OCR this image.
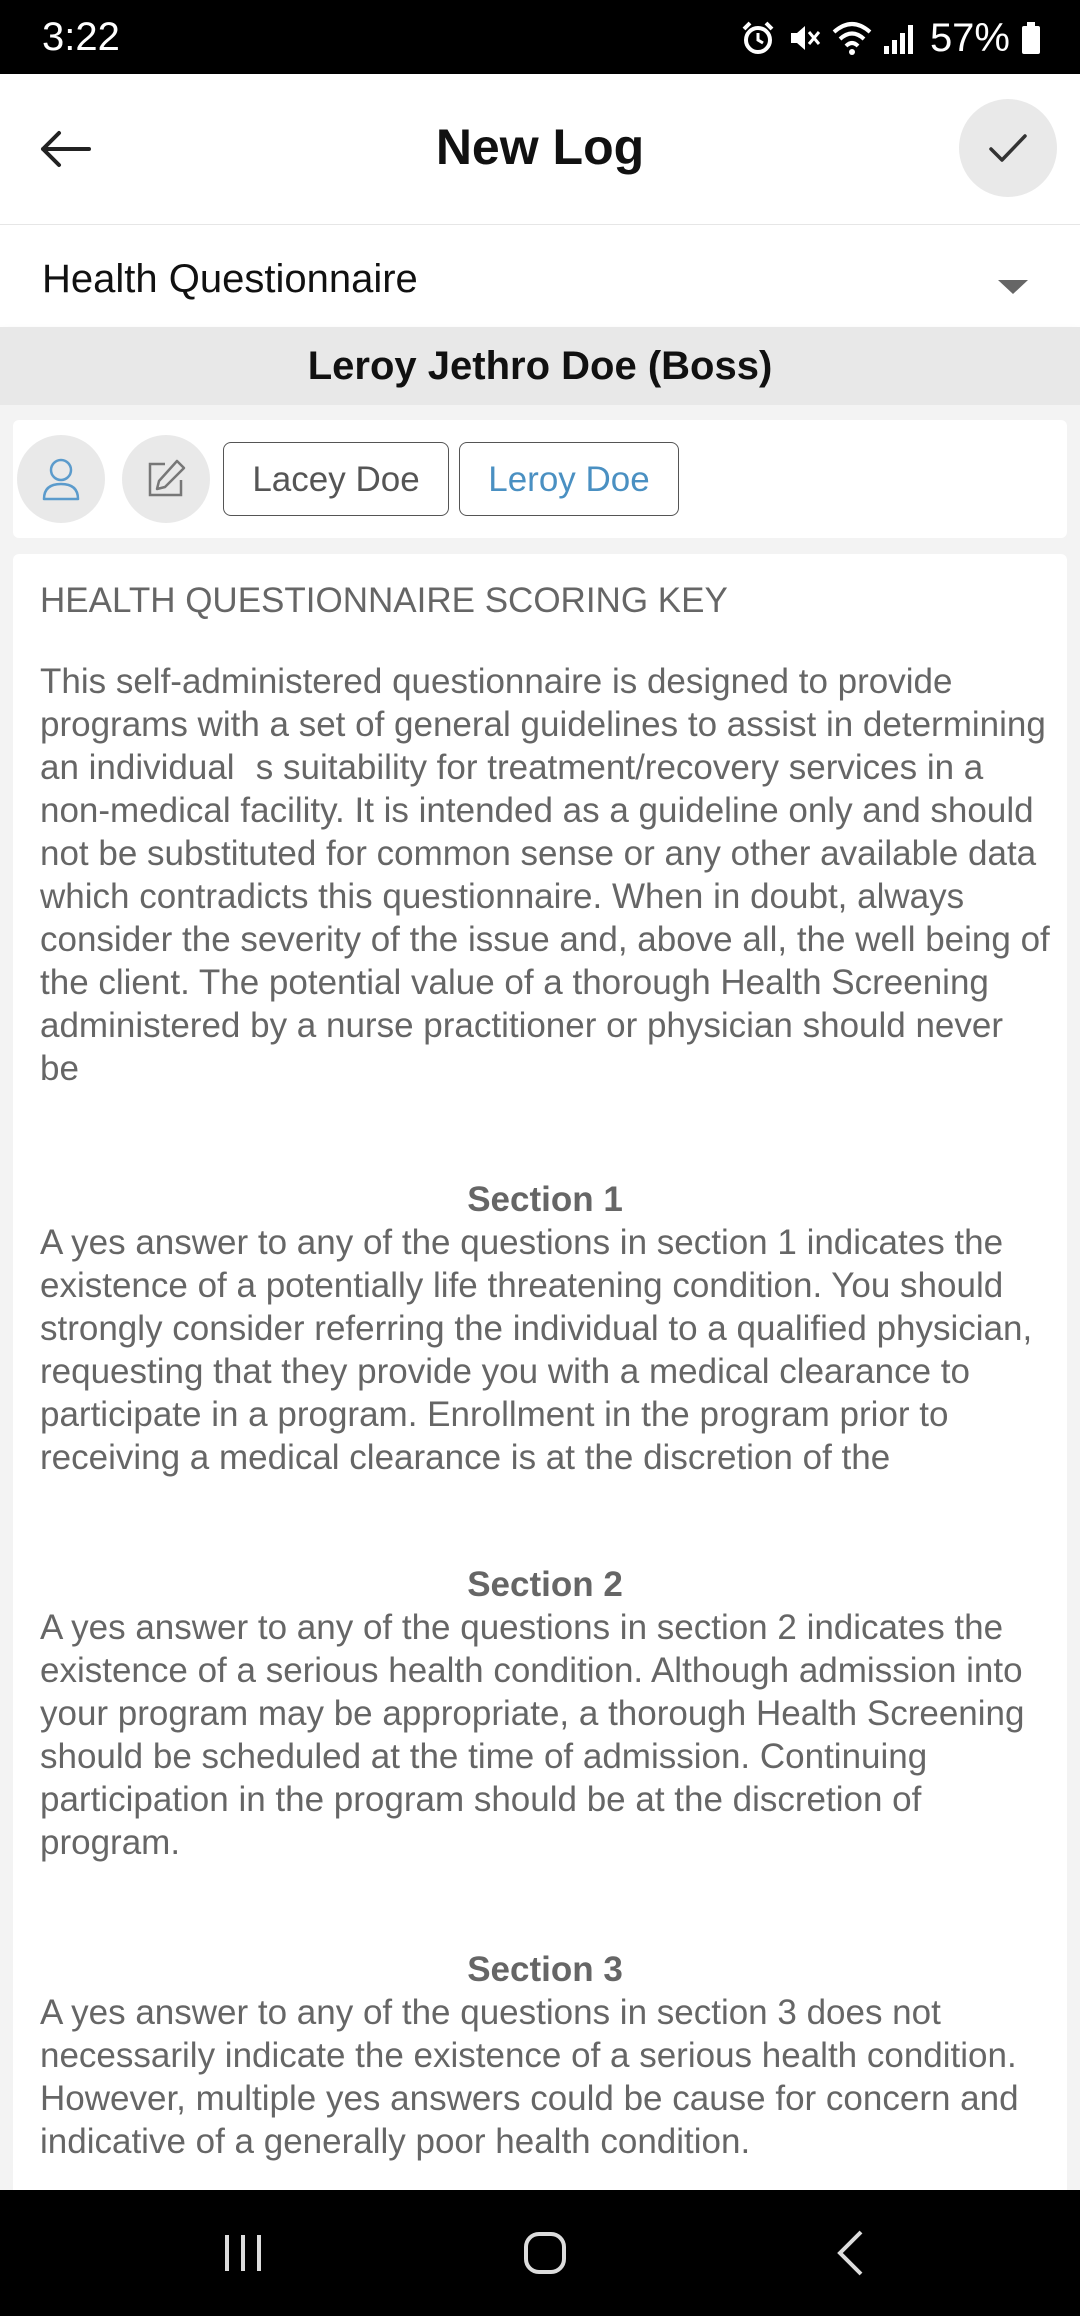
3:22	57%
New Log
Health Questionnaire
Leroy Jethro Doe (Boss)
Lacey Doe	Leroy Doe

HEALTH QUESTIONNAIRE SCORING KEY

This self-administered questionnaire is designed to provide programs with a set of general guidelines to assist in determining an individuals suitability for treatment/recovery services in a non-medical facility. It is intended as a guideline only and should not be substituted for common sense or any other available data which contradicts this questionnaire. When in doubt, always consider the severity of the issue and, above all, the well being of the client. The potential value of a thorough Health Screening administered by a nurse practitioner or physician should never be

Section 1

A yes answer to any of the questions in section 1 indicates the existence of a potentially life threatening condition. You should strongly consider referring the individual to a qualified physician, requesting that they provide you with a medical clearance to participate in a program. Enrollment in the program prior to receiving a medical clearance is at the discretion of the

Section 2

A yes answer to any of the questions in section 2 indicates the existence of a serious health condition. Although admission into your program may be appropriate, a thorough Health Screening should be scheduled at the time of admission. Continuing participation in the program should be at the discretion of program.

Section 3

A yes answer to any of the questions in section 3 does not necessarily indicate the existence of a serious health condition. However, multiple yes answers could be cause for concern and indicative of a generally poor health condition.
